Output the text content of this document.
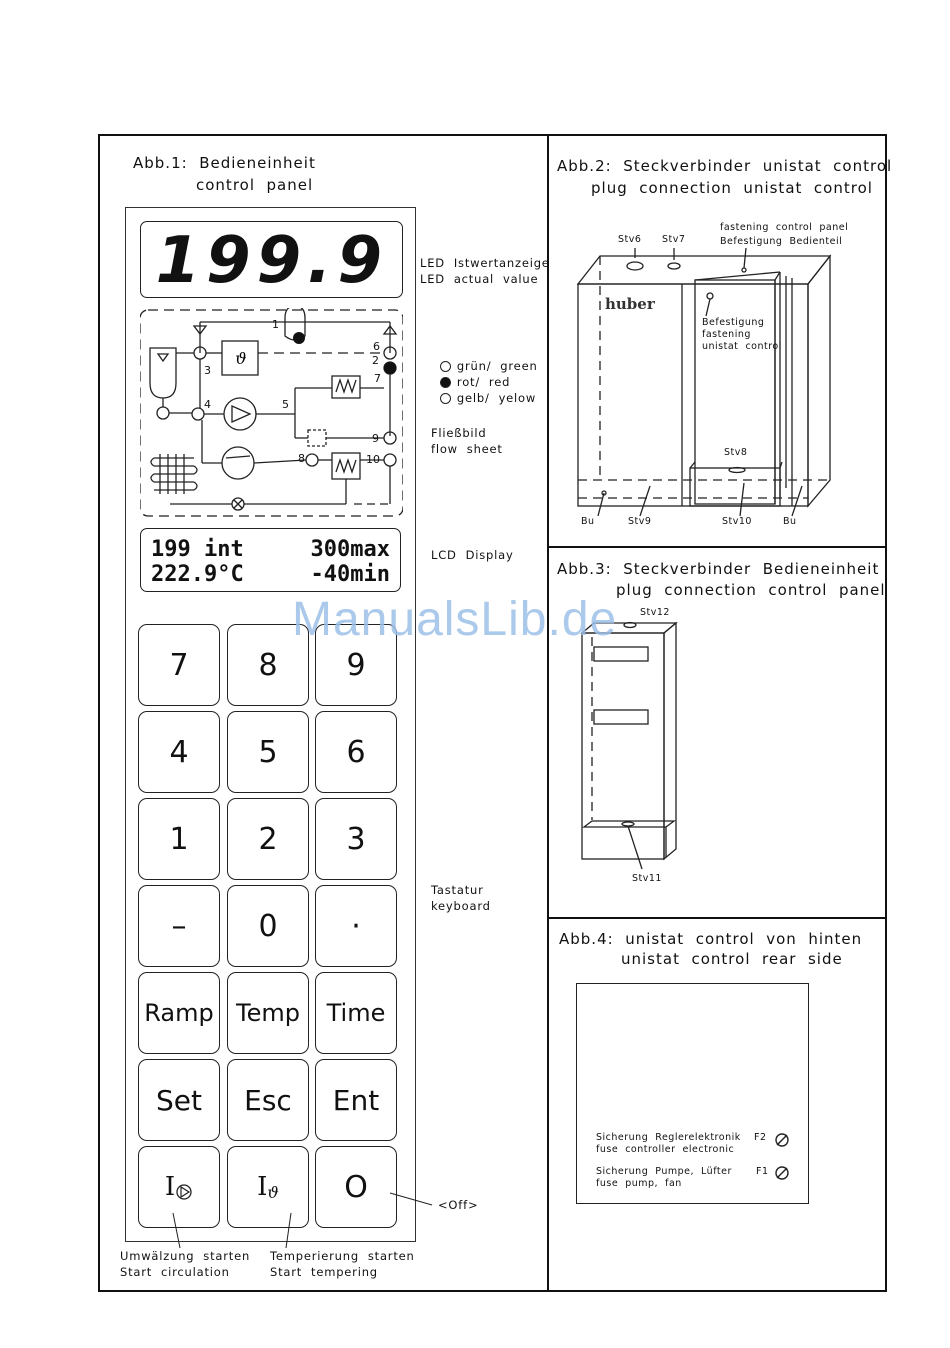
Abb.1:  Bedieneinheit
control  panel
199.9	LED  Istwertanzeige
LED  actual  value
ϑ
1
2
3
4	5
6
7
8
9
10

grün/  green

rot/  red

gelb/  yelow

Fließbild
flow  sheet
199 int	300max
222.9°C	-40min
LCD  Display
7	8	9
4	5	6
1	2	3
–	0	·
Ramp Temp	Time
Set	Esc	Ent
I	I ϑ	O
Tastatur
keyboard
<Off>
Umwälzung  starten
Start  circulation
Temperierung  starten
Start  tempering
Abb.2:  Steckverbinder  unistat  control
plug  connection  unistat  control
fastening  control  panel
Befestigung  Bedienteil
Stv6 Stv7
huber
Befestigung
fastening
unistat  control
Stv8
Bu	Stv9	Stv10	Bu
Abb.3:  Steckverbinder  Bedieneinheit
plug  connection  control  panel
Stv12
Stv11
Abb.4:  unistat  control  von  hinten
unistat  control  rear  side
Sicherung  Reglerelektronik
fuse  controller  electronic
F2
Sicherung  Pumpe,  Lüfter
fuse  pump,  fan
F1
ManualsLib.de
